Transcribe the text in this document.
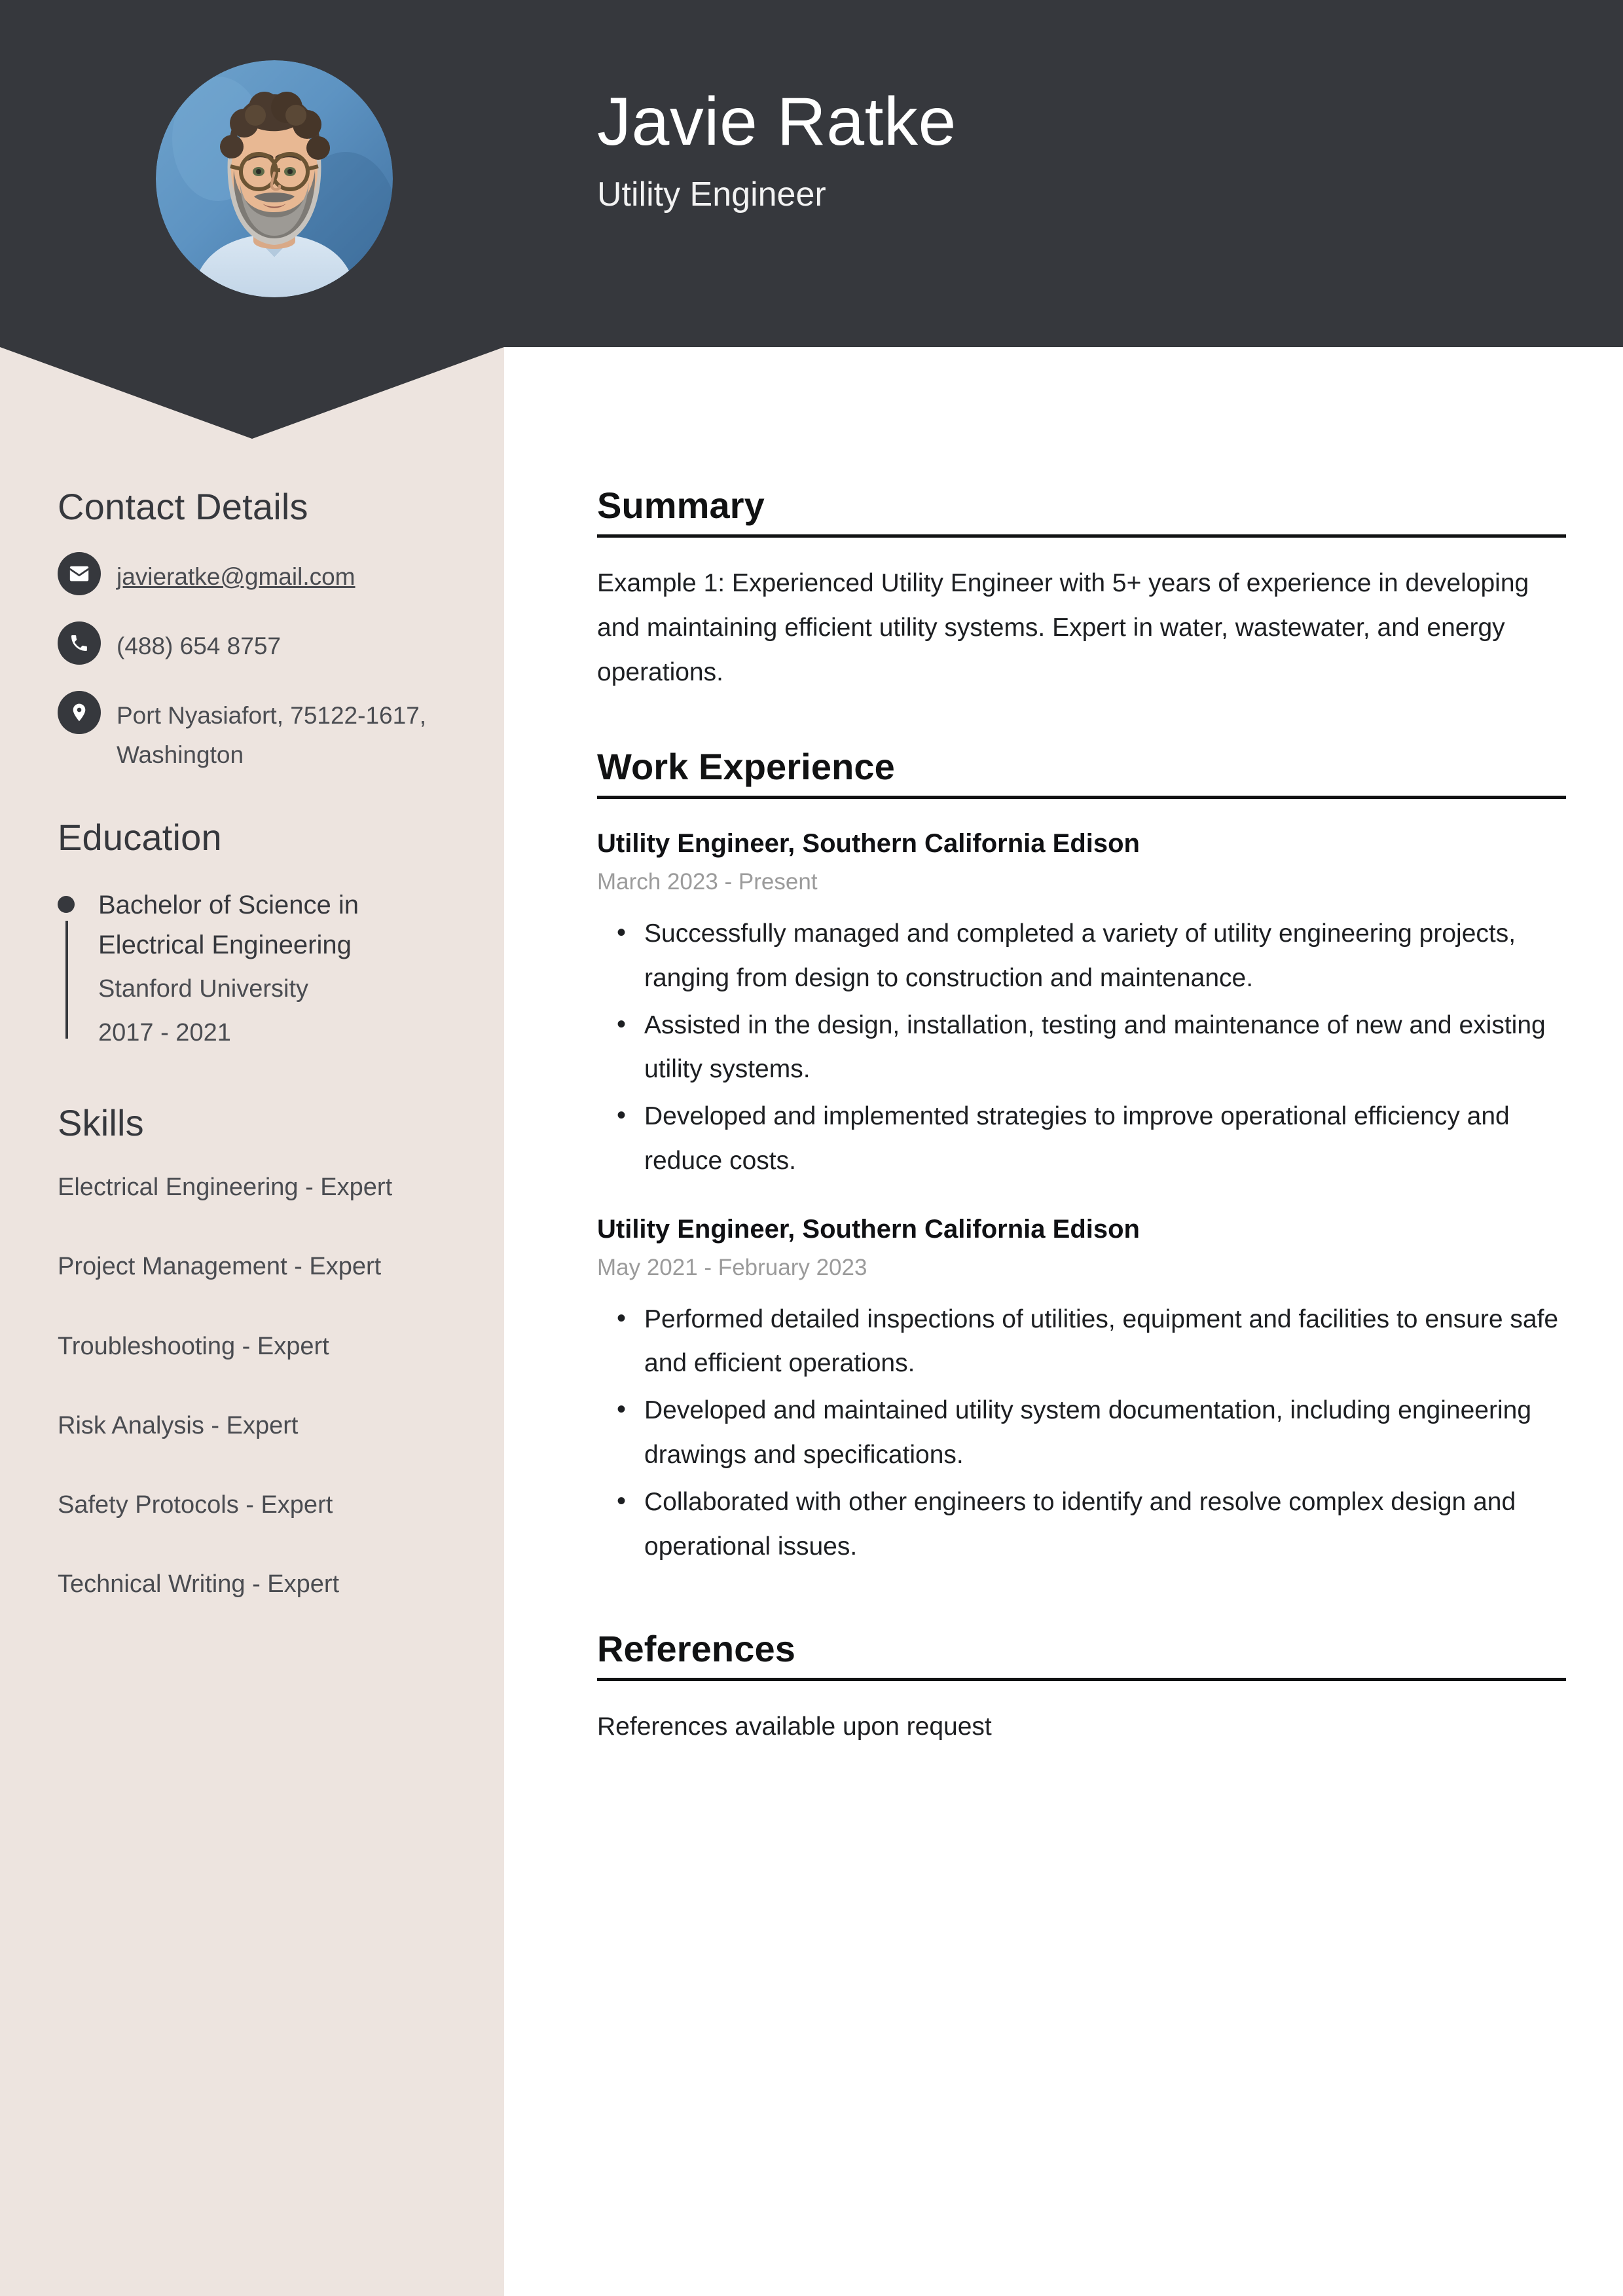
Javie Ratke
Utility Engineer
Contact Details
javieratke@gmail.com
(488) 654 8757
Port Nyasiafort, 75122-1617, Washington
Education
Bachelor of Science in Electrical Engineering
Stanford University
2017 - 2021
Skills
Electrical Engineering - Expert
Project Management - Expert
Troubleshooting - Expert
Risk Analysis - Expert
Safety Protocols - Expert
Technical Writing - Expert
Summary
Example 1: Experienced Utility Engineer with 5+ years of experience in developing and maintaining efficient utility systems. Expert in water, wastewater, and energy operations.
Work Experience
Utility Engineer, Southern California Edison
March 2023 - Present
• Successfully managed and completed a variety of utility engineering projects, ranging from design to construction and maintenance.
• Assisted in the design, installation, testing and maintenance of new and existing utility systems.
• Developed and implemented strategies to improve operational efficiency and reduce costs.
Utility Engineer, Southern California Edison
May 2021 - February 2023
• Performed detailed inspections of utilities, equipment and facilities to ensure safe and efficient operations.
• Developed and maintained utility system documentation, including engineering drawings and specifications.
• Collaborated with other engineers to identify and resolve complex design and operational issues.
References
References available upon request
